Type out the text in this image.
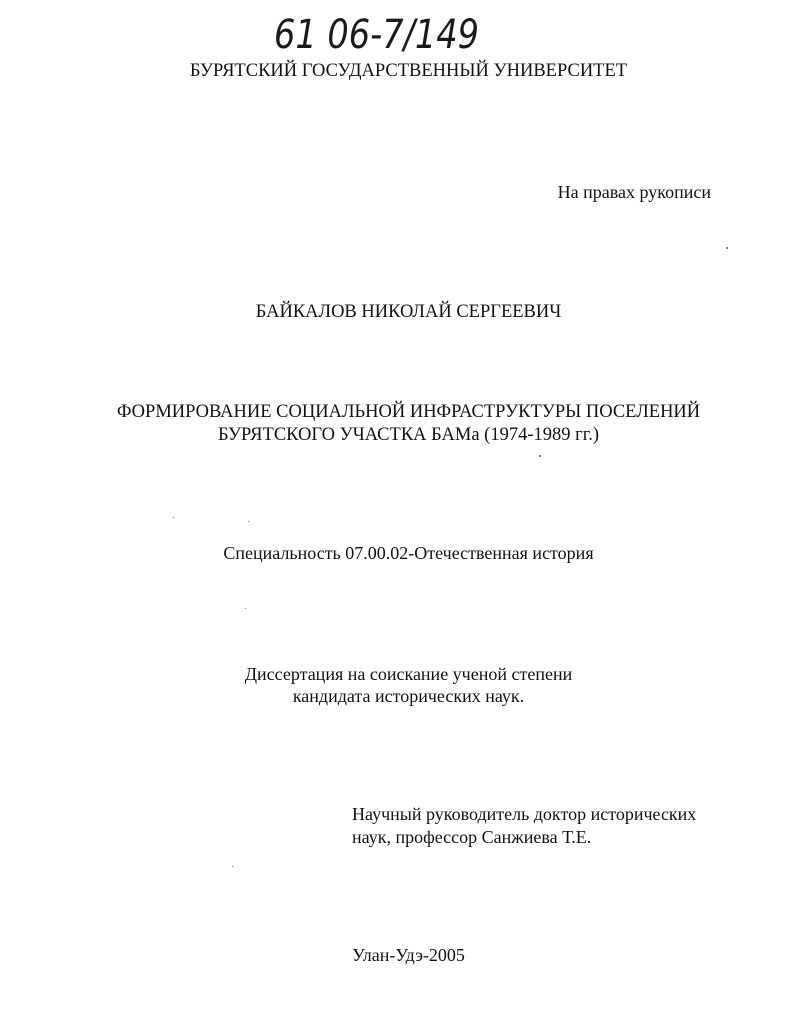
61 06-7/149
БУРЯТСКИЙ ГОСУДАРСТВЕННЫЙ УНИВЕРСИТЕТ
На правах рукописи
БАЙКАЛОВ НИКОЛАЙ СЕРГЕЕВИЧ
ФОРМИРОВАНИЕ СОЦИАЛЬНОЙ ИНФРАСТРУКТУРЫ ПОСЕЛЕНИЙ
БУРЯТСКОГО УЧАСТКА БАМа (1974-1989 гг.)
Специальность 07.00.02-Отечественная история
Диссертация на соискание ученой степени
кандидата исторических наук.
Научный руководитель доктор исторических
наук, профессор Санжиева Т.Е.
Улан-Удэ-2005
